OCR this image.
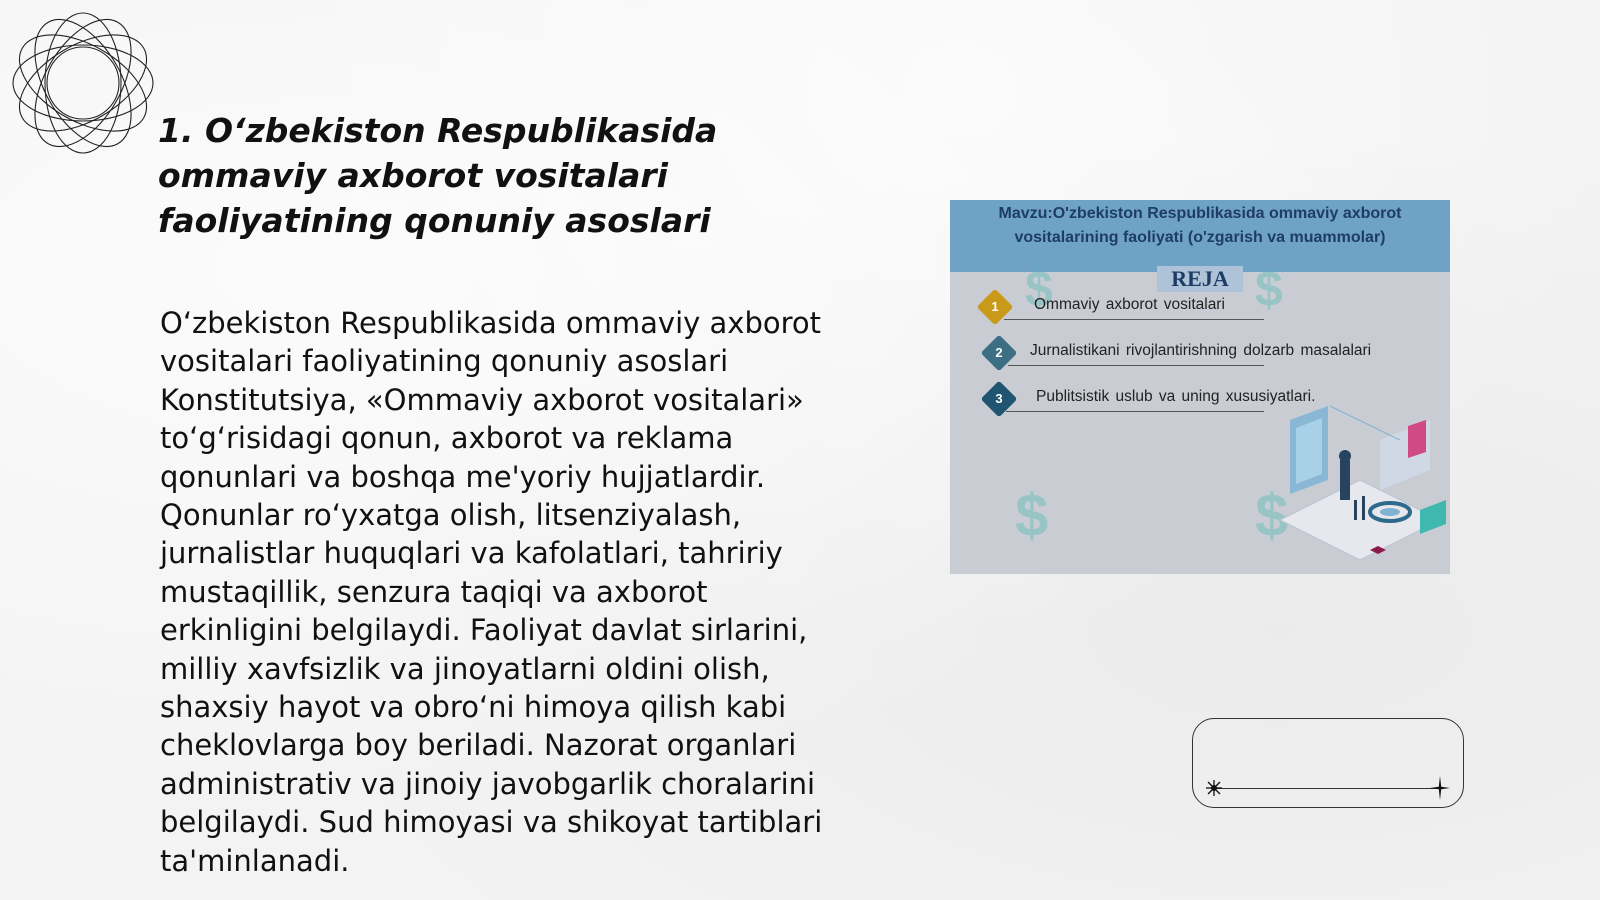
1. O‘zbekiston Respublikasida
ommaviy axborot vositalari
faoliyatining qonuniy asoslari

O‘zbekiston Respublikasida ommaviy axborot vositalari faoliyatining qonuniy asoslari Konstitutsiya, «Ommaviy axborot vositalari» to‘g‘risidagi qonun, axborot va reklama qonunlari va boshqa me'yoriy hujjatlardir. Qonunlar ro‘yxatga olish, litsenziyalash, jurnalistlar huquqlari va kafolatlari, tahririy mustaqillik, senzura taqiqi va axborot erkinligini belgilaydi. Faoliyat davlat sirlarini, milliy xavfsizlik va jinoyatlarni oldini olish, shaxsiy hayot va obro‘ni himoya qilish kabi cheklovlarga boy beriladi. Nazorat organlari administrativ va jinoiy javobgarlik choralarini belgilaydi. Sud himoyasi va shikoyat tartiblari ta'minlanadi.

Mavzu:O'zbekiston Respublikasida ommaviy axborot
vositalarining faoliyati (o'zgarish va muammolar)
REJA
$	$
$	$
1	Ommaviy axborot vositalari
2	Jurnalistikani rivojlantirishning dolzarb masalalari
3	Publitsistik uslub va uning xususiyatlari.
